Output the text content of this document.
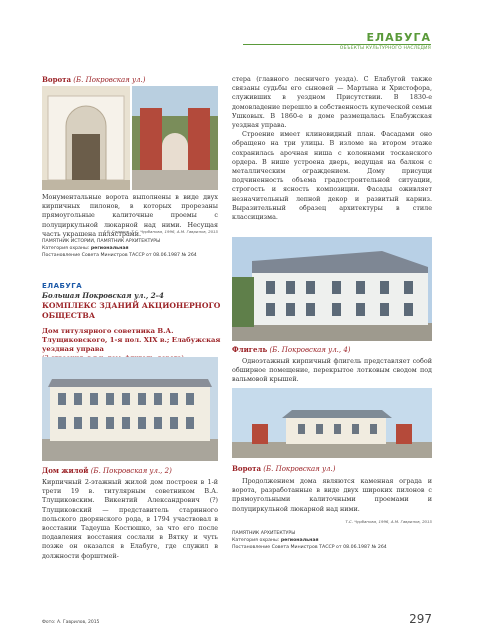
ЕЛАБУГА
ОБЪЕКТЫ КУЛЬТУРНОГО НАСЛЕДИЯ
Ворота (Б. Покровская ул.)
Монументальные ворота выполнены в виде двух кирпичных пилонов, в которых прорезаны прямоугольные калиточные проемы с полуциркульной люкарной над ними. Несущая часть украшена пилястрами.
Г.Р. Салихов, Т.С. Чурбанова, 1996, А.М. Гаврилов, 2015
ПАМЯТНИК ИСТОРИИ, ПАМЯТНИК АРХИТЕКТУРЫ
Категория охраны: региональная
Постановление Совета Министров ТАССР от 08.06.1987 № 264
ЕЛАБУГА
Большая Покровская ул., 2–4
КОМПЛЕКС ЗДАНИЙ АКЦИОНЕРНОГО ОБЩЕСТВА
Дом титулярного советника В.А. Тлущиковского, 1-я пол. XIX в.; Елабужская уездная управа
Дом жилой (Б. Покровская ул., 2)
Кирпичный 2-этажный жилой дом построен в 1-й трети 19 в. титулярным советником В.А. Тлущиковским. Викентий Александрович (?) Тлущиковский — представитель старинного польского дворянского рода, в 1794 участвовал в восстании Тадеуша Костюшко, за что его после подавления восстания сослали в Вятку и чуть позже он оказался в Елабуге, где служил в должности форштмей-
стера (главного лесничего уезда). С Елабугой также связаны судьбы его сыновей — Мартына и Христофора, служивших в уездном Присутствии. В 1830-е домовладение перешло в собственность купеческой семьи Ушковых. В 1860-е в доме размещалась Елабужская уездная управа.
Строение имеет клиновидный план. Фасадами оно обращено на три улицы. В изломе на втором этаже сохранилась арочная ниша с колоннами тосканского ордера. В нише устроена дверь, ведущая на балкон с металлическим ограждением. Дому присущи подчиненность объема градостроительной ситуации, строгость и ясность композиции. Фасады оживляет незначительный лепной декор и развитый карниз. Выразительный образец архитектуры в стиле классицизма.
Флигель (Б. Покровская ул., 4)
Одноэтажный кирпичный флигель представляет собой обширное помещение, перекрытое лотковым сводом под вальмовой крышей.
Ворота (Б. Покровская ул.)
Продолжением дома являются каменная ограда и ворота, разработанные в виде двух широких пилонов с прямоугольными калиточными проемами и полуциркульной люкарной над ними.
Т.С. Чурбанова, 1996, А.М. Гаврилов, 2015
ПАМЯТНИК АРХИТЕКТУРЫ
Категория охраны: региональная
Постановление Совета Министров ТАССР от 08.06.1987 № 264
Фото: А. Гаврилов, 2015	297
